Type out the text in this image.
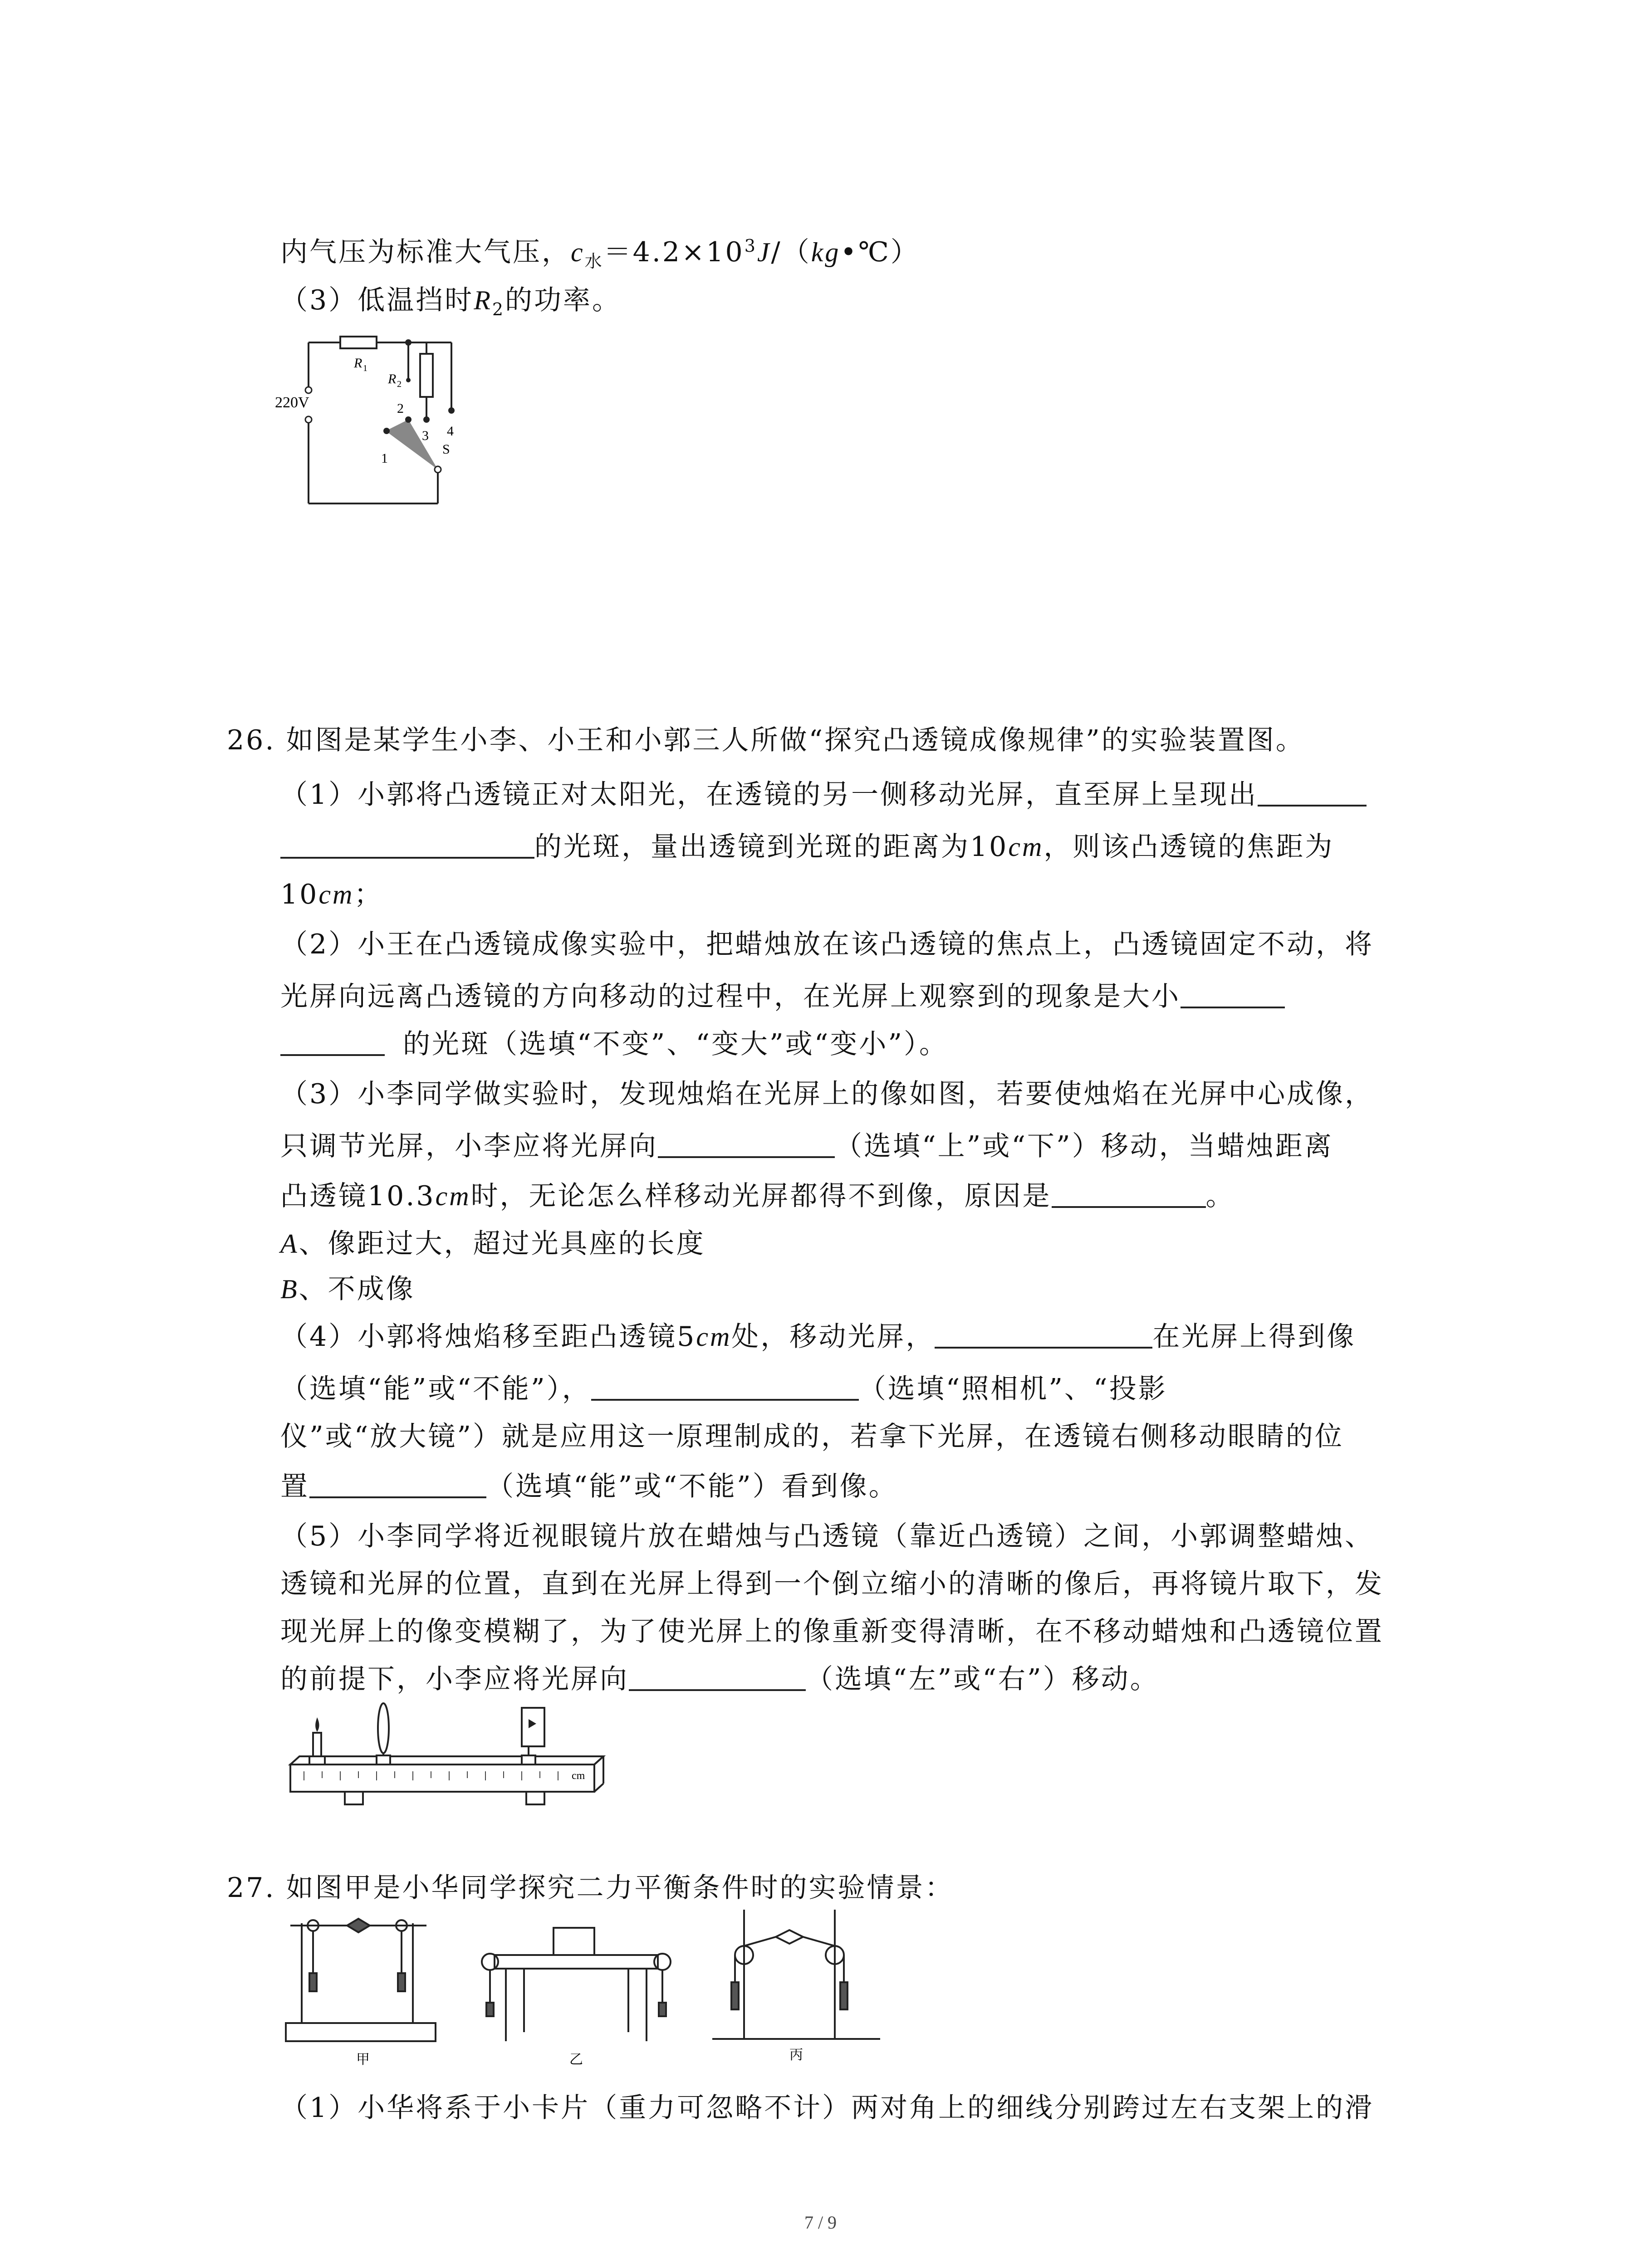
内气压为标准大气压，$c_水=4.2\times 10^3J/(kg•℃)$
（3）低温挡时$R_2$的功率。
220V
R 1
R 2
1
2
3 4
S
26. 如图是某学生小李、小王和小郭三人所做“探究凸透镜成像规律”的实验装置图。
（1）小郭将凸透镜正对太阳光，在透镜的另一侧移动光屏，直至屏上呈现出
的光斑，量出透镜到光斑的距离为10cm，则该凸透镜的焦距为
10cm；
（2）小王在凸透镜成像实验中，把蜡烛放在该凸透镜的焦点上，凸透镜固定不动，将
光屏向远离凸透镜的方向移动的过程中，在光屏上观察到的现象是大小
的光斑（选填“不变”、“变大”或“变小”）。
（3）小李同学做实验时，发现烛焰在光屏上的像如图，若要使烛焰在光屏中心成像，
只调节光屏，小李应将光屏向	（选填“上”或“下”）移动，当蜡烛距离
凸透镜10.3cm时，无论怎么样移动光屏都得不到像，原因是	。
A、像距过大，超过光具座的长度
B、不成像
（4）小郭将烛焰移至距凸透镜5cm处，移动光屏，	在光屏上得到像
（选填“能”或“不能”），	（选填“照相机”、“投影
仪”或“放大镜”）就是应用这一原理制成的，若拿下光屏，在透镜右侧移动眼睛的位
置	（选填“能”或“不能”）看到像。
（5）小李同学将近视眼镜片放在蜡烛与凸透镜（靠近凸透镜）之间，小郭调整蜡烛、
透镜和光屏的位置，直到在光屏上得到一个倒立缩小的清晰的像后，再将镜片取下，发
现光屏上的像变模糊了，为了使光屏上的像重新变得清晰，在不移动蜡烛和凸透镜位置
的前提下，小李应将光屏向	（选填“左”或“右”）移动。
cm
27. 如图甲是小华同学探究二力平衡条件时的实验情景：
甲	乙	丙
（1）小华将系于小卡片（重力可忽略不计）两对角上的细线分别跨过左右支架上的滑
7 / 9
